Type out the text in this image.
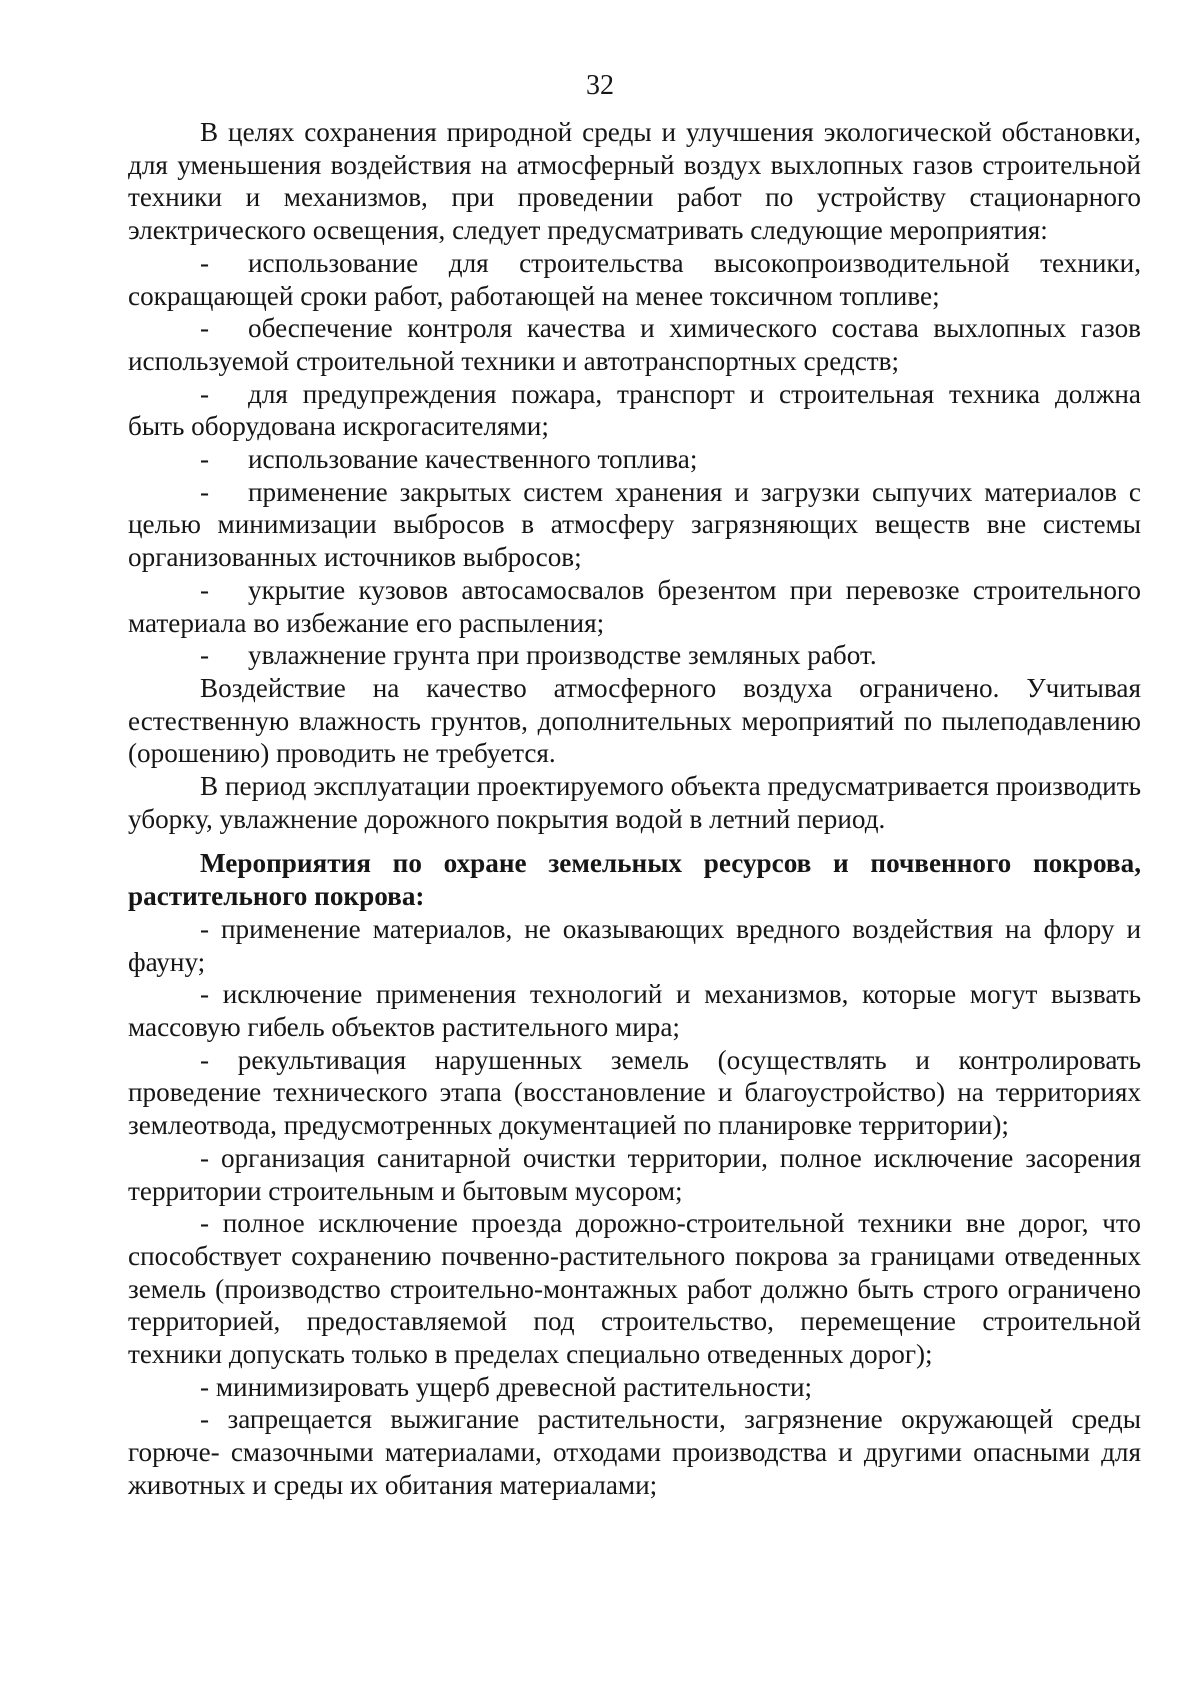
32

В целях сохранения природной среды и улучшения экологической обстановки, для уменьшения воздействия на атмосферный воздух выхлопных газов строительной техники и механизмов, при проведении работ по устройству стационарного электрического освещения, следует предусматривать следующие мероприятия:

- использование для строительства высокопроизводительной техники, сокращающей сроки работ, работающей на менее токсичном топливе;

- обеспечение контроля качества и химического состава выхлопных газов используемой строительной техники и автотранспортных средств;

- для предупреждения пожара, транспорт и строительная техника должна быть оборудована искрогасителями;

- использование качественного топлива;

- применение закрытых систем хранения и загрузки сыпучих материалов с целью минимизации выбросов в атмосферу загрязняющих веществ вне системы организованных источников выбросов;

- укрытие кузовов автосамосвалов брезентом при перевозке строительного материала во избежание его распыления;

- увлажнение грунта при производстве земляных работ.

Воздействие на качество атмосферного воздуха ограничено. Учитывая естественную влажность грунтов, дополнительных мероприятий по пылеподавлению (орошению) проводить не требуется.

В период эксплуатации проектируемого объекта предусматривается производить уборку, увлажнение дорожного покрытия водой в летний период.

Мероприятия по охране земельных ресурсов и почвенного покрова, растительного покрова:

- применение материалов, не оказывающих вредного воздействия на флору и фауну;

- исключение применения технологий и механизмов, которые могут вызвать массовую гибель объектов растительного мира;

- рекультивация нарушенных земель (осуществлять и контролировать проведение технического этапа (восстановление и благоустройство) на территориях землеотвода, предусмотренных документацией по планировке территории);

- организация санитарной очистки территории, полное исключение засорения территории строительным и бытовым мусором;

- полное исключение проезда дорожно-строительной техники вне дорог, что способствует сохранению почвенно-растительного покрова за границами отведенных земель (производство строительно-монтажных работ должно быть строго ограничено территорией, предоставляемой под строительство, перемещение строительной техники допускать только в пределах специально отведенных дорог);

- минимизировать ущерб древесной растительности;

- запрещается выжигание растительности, загрязнение окружающей среды горюче- смазочными материалами, отходами производства и другими опасными для животных и среды их обитания материалами;
